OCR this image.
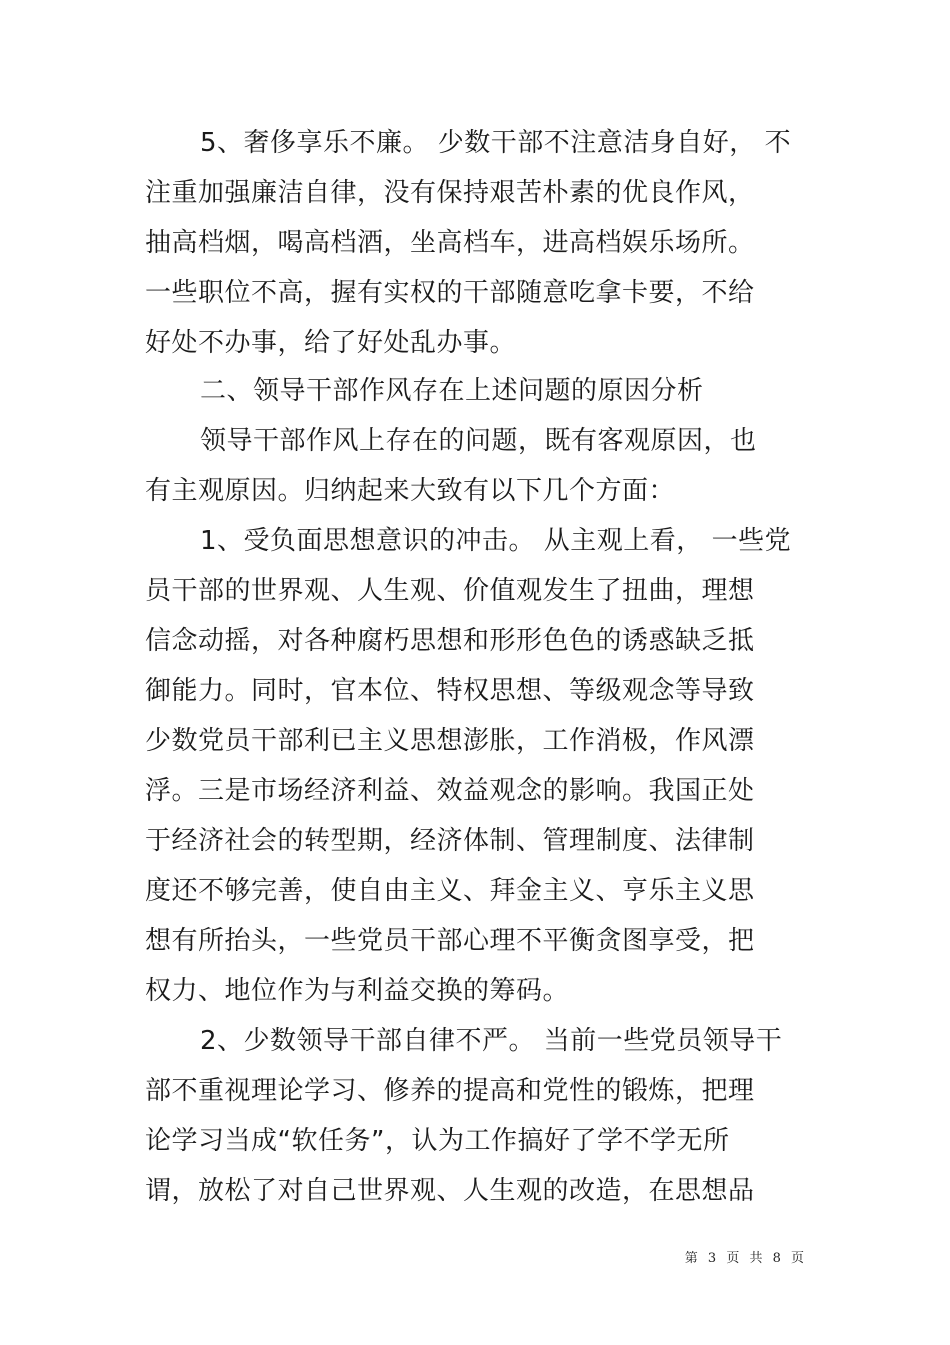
5、奢侈享乐不廉。 少数干部不注意洁身自好， 不
注重加强廉洁自律，没有保持艰苦朴素的优良作风，
抽高档烟，喝高档酒，坐高档车，进高档娱乐场所。
一些职位不高，握有实权的干部随意吃拿卡要，不给
好处不办事，给了好处乱办事。
二、领导干部作风存在上述问题的原因分析
领导干部作风上存在的问题，既有客观原因，也
有主观原因。归纳起来大致有以下几个方面：
1、受负面思想意识的冲击。 从主观上看， 一些党
员干部的世界观、人生观、价值观发生了扭曲，理想
信念动摇，对各种腐朽思想和形形色色的诱惑缺乏抵
御能力。同时，官本位、特权思想、等级观念等导致
少数党员干部利已主义思想澎胀，工作消极，作风漂
浮。三是市场经济利益、效益观念的影响。我国正处
于经济社会的转型期，经济体制、管理制度、法律制
度还不够完善，使自由主义、拜金主义、亨乐主义思
想有所抬头，一些党员干部心理不平衡贪图享受，把
权力、地位作为与利益交换的筹码。
2、少数领导干部自律不严。 当前一些党员领导干
部不重视理论学习、修养的提高和党性的锻炼，把理
论学习当成“软任务”，认为工作搞好了学不学无所
谓，放松了对自己世界观、人生观的改造，在思想品
第 3 页 共 8 页
